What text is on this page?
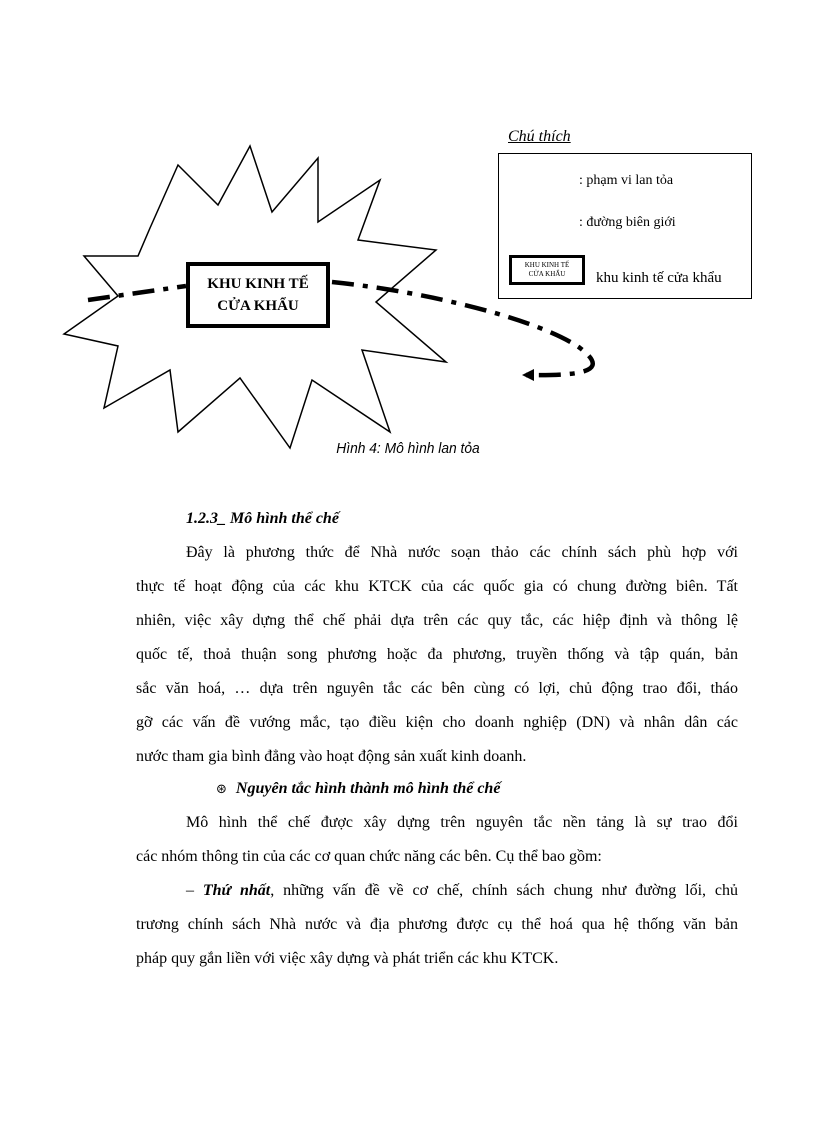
KHU KINH TẾ
CỬA KHẨU
Chú thích
: phạm vi lan tỏa
: đường biên giới
KHU KINH TẾ
CỬA KHẨU khu kinh tế cửa khẩu
Hình 4: Mô hình lan tỏa
1.2.3_ Mô hình thể chế
Đây là phương thức để Nhà nước soạn thảo các chính sách phù hợp với
thực tế hoạt động của các khu KTCK của các quốc gia có chung đường biên. Tất
nhiên, việc xây dựng thể chế phải dựa trên các quy tắc, các hiệp định và thông lệ
quốc tế, thoả thuận song phương hoặc đa phương, truyền thống và tập quán, bản
sắc văn hoá, … dựa trên nguyên tắc các bên cùng có lợi, chủ động trao đổi, tháo
gỡ các vấn đề vướng mắc, tạo điều kiện cho doanh nghiệp (DN) và nhân dân các
nước tham gia bình đẳng vào hoạt động sản xuất kinh doanh.
⊛ Nguyên tắc hình thành mô hình thể chế
Mô hình thể chế được xây dựng trên nguyên tắc nền tảng là sự trao đổi
các nhóm thông tin của các cơ quan chức năng các bên. Cụ thể bao gồm:
– Thứ nhất, những vấn đề về cơ chế, chính sách chung như đường lối, chủ
trương chính sách Nhà nước và địa phương được cụ thể hoá qua hệ thống văn bản
pháp quy gắn liền với việc xây dựng và phát triển các khu KTCK.
